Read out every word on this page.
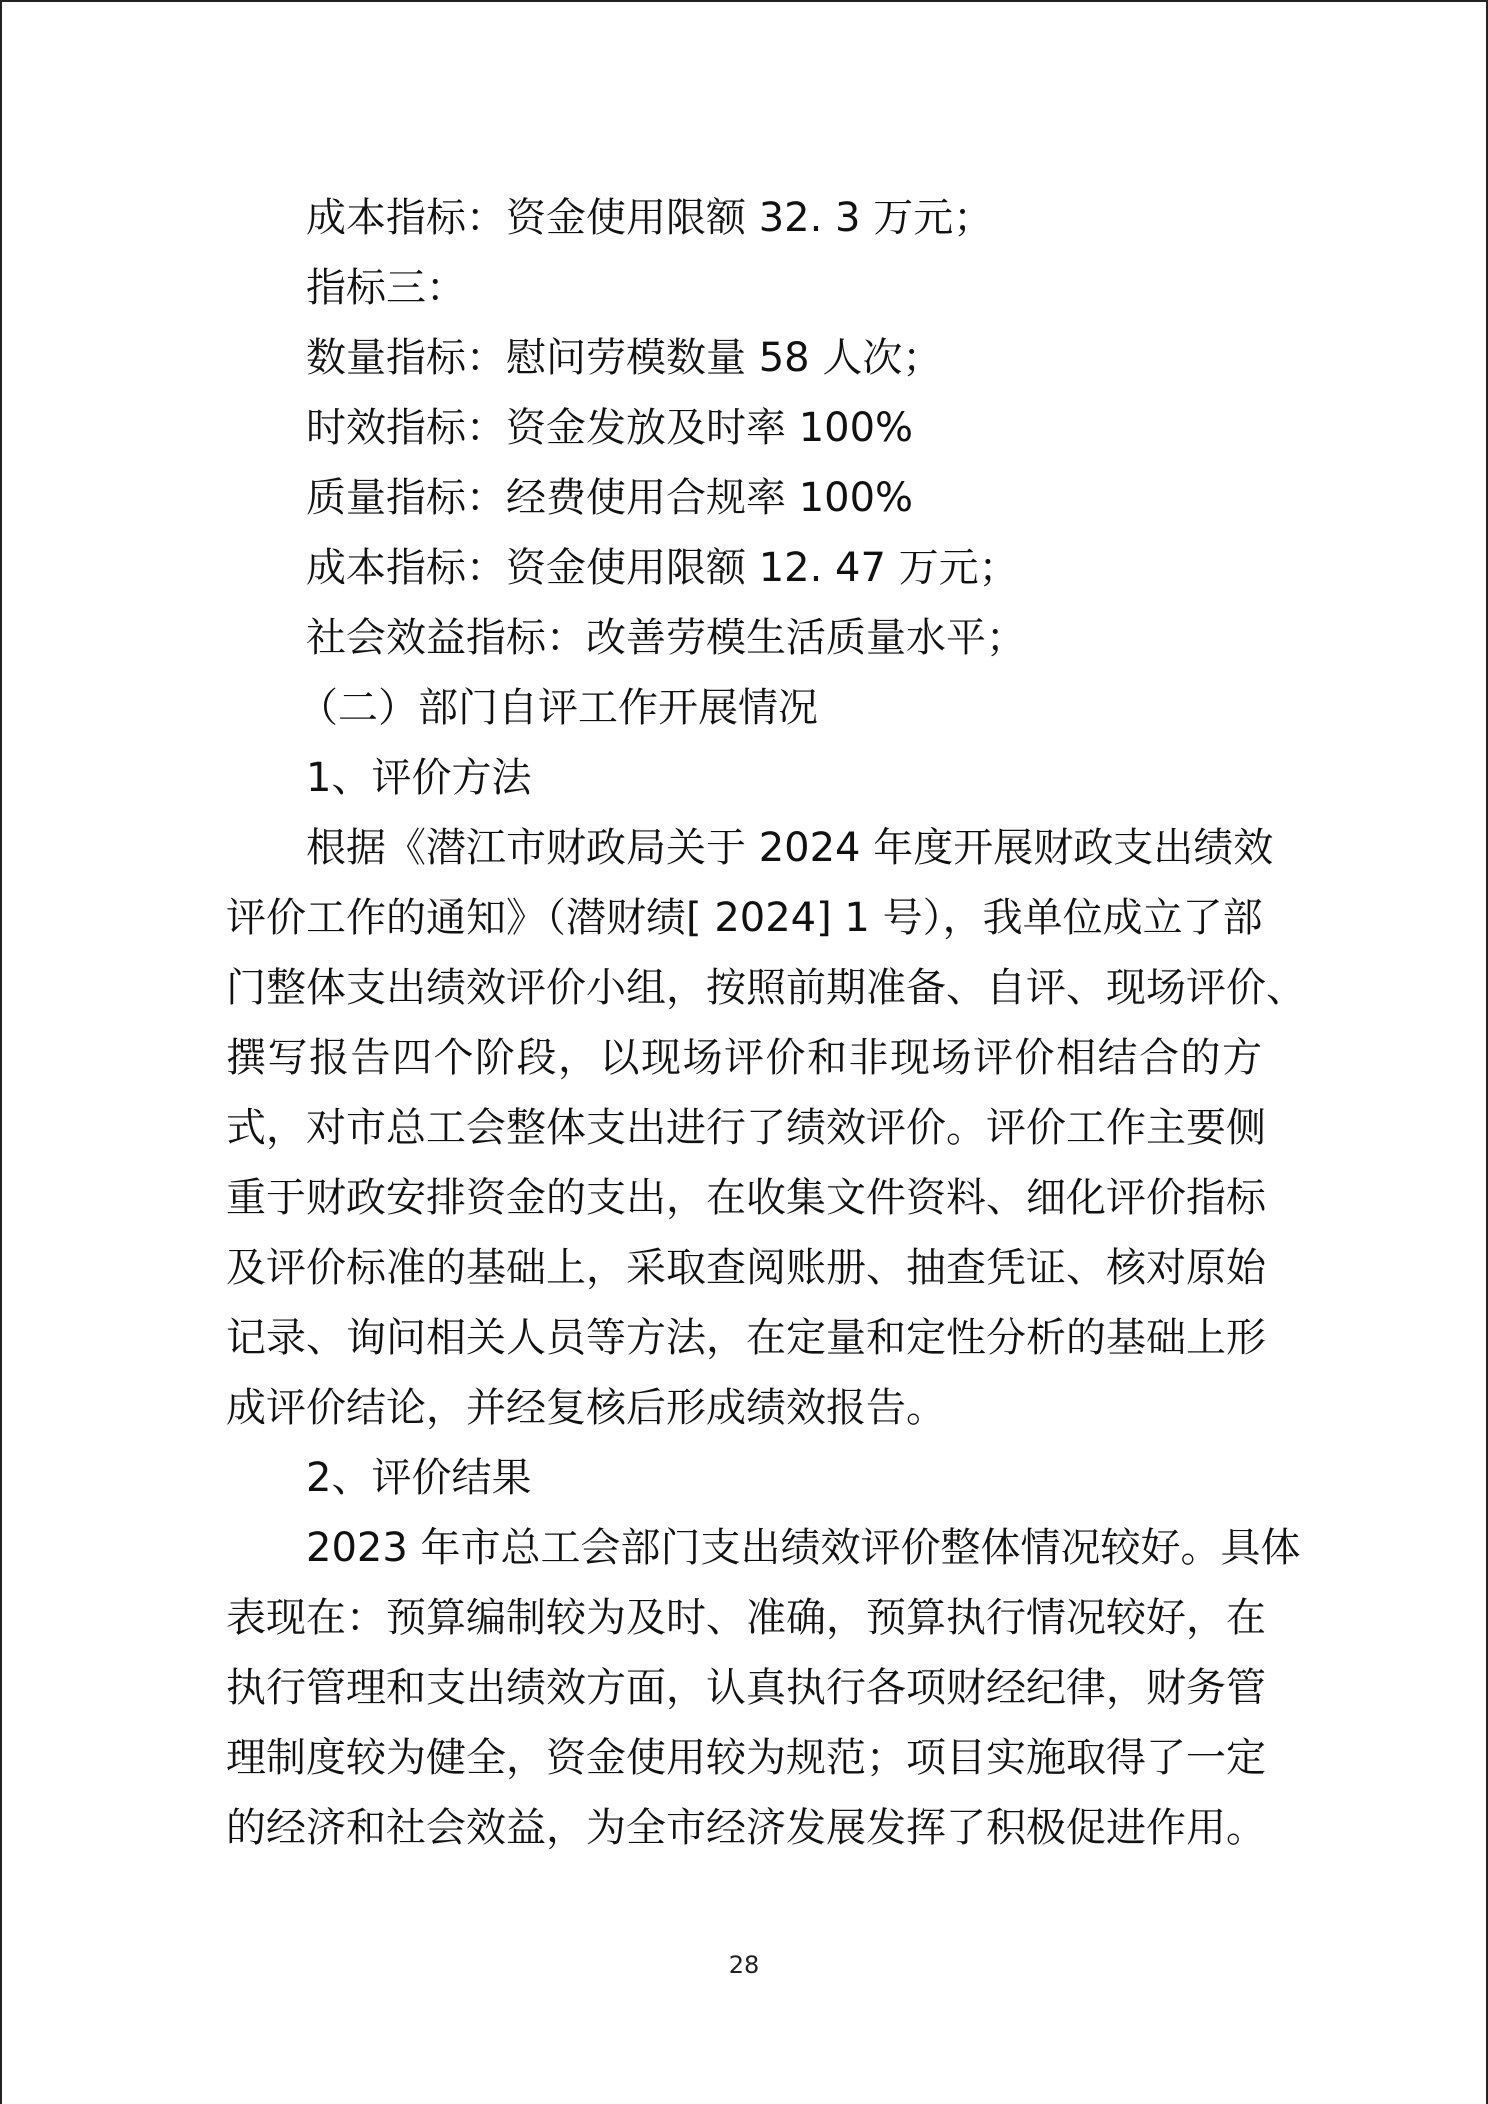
成本指标：资金使用限额 32. 3 万元；
指标三：
数量指标：慰问劳模数量 58 人次；
时效指标：资金发放及时率 100%
质量指标：经费使用合规率 100%
成本指标：资金使用限额 12. 47 万元；
社会效益指标：改善劳模生活质量水平；
（二）部门自评工作开展情况
1、评价方法
根据《潜江市财政局关于 2024 年度开展财政支出绩效
评价工作的通知》（潜财绩[ 2024] 1 号），我单位成立了部
门整体支出绩效评价小组，按照前期准备、自评、现场评价、
撰写报告四个阶段，以现场评价和非现场评价相结合的方
式，对市总工会整体支出进行了绩效评价。评价工作主要侧
重于财政安排资金的支出，在收集文件资料、细化评价指标
及评价标准的基础上，采取查阅账册、抽查凭证、核对原始
记录、询问相关人员等方法，在定量和定性分析的基础上形
成评价结论，并经复核后形成绩效报告。
2、评价结果
2023 年市总工会部门支出绩效评价整体情况较好。具体
表现在：预算编制较为及时、准确，预算执行情况较好，在
执行管理和支出绩效方面，认真执行各项财经纪律，财务管
理制度较为健全，资金使用较为规范；项目实施取得了一定
的经济和社会效益，为全市经济发展发挥了积极促进作用。
28
